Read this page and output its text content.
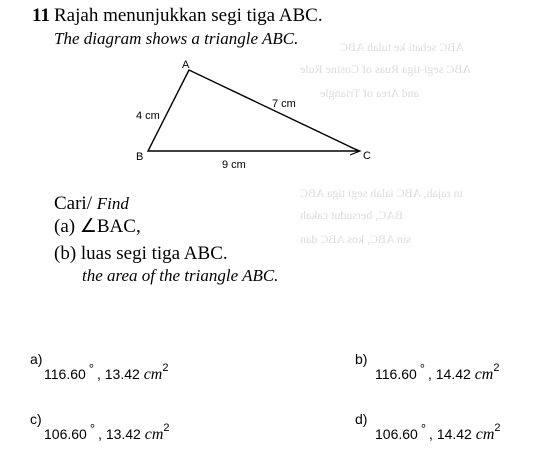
ABC sebati ke tulah ABC
ABC segi-tiga Ruas of Cosine Rule
and Area of Triangle
in rajah, ABC ialah segi tiga ABC
BAC, bersudut cakah
sin ABC, kos ABC dan
11 Rajah menunjukkan segi tiga ABC.
The diagram shows a triangle ABC.
A
B	C
4 cm
7 cm
9 cm
Cari/ Find
(a) ∠BAC,
(b) luas segi tiga ABC.
the area of the triangle ABC.
a)
116.60 ° , 13.42 $cm^2$
b)
116.60 ° , 14.42 $cm^2$
c)
106.60 ° , 13.42 $cm^2$
d)
106.60 ° , 14.42 $cm^2$
